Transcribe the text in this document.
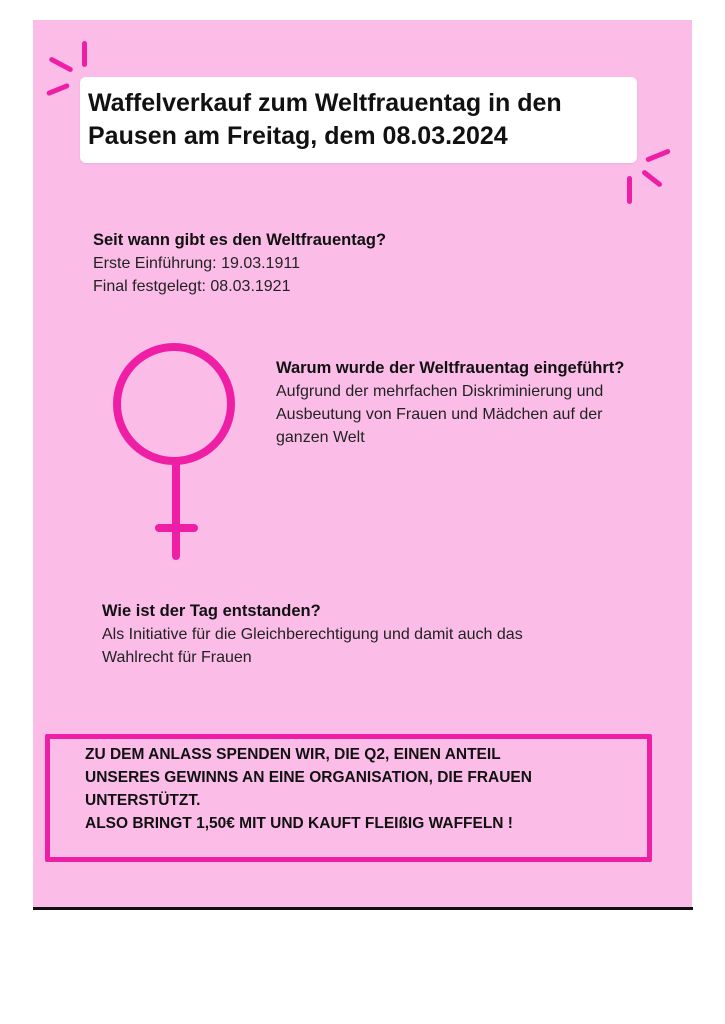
Waffelverkauf zum Weltfrauentag in den
Pausen am Freitag, dem 08.03.2024
Seit wann gibt es den Weltfrauentag?

Erste Einführung: 19.03.1911

Final festgelegt: 08.03.1921

Warum wurde der Weltfrauentag eingeführt?

Aufgrund der mehrfachen Diskriminierung und

Ausbeutung von Frauen und Mädchen auf der

ganzen Welt

Wie ist der Tag entstanden?

Als Initiative für die Gleichberechtigung und damit auch das

Wahlrecht für Frauen

ZU DEM ANLASS SPENDEN WIR, DIE Q2, EINEN ANTEIL
UNSERES GEWINNS AN EINE ORGANISATION, DIE FRAUEN
UNTERSTÜTZT.
ALSO BRINGT 1,50€ MIT UND KAUFT FLEIßIG WAFFELN !
